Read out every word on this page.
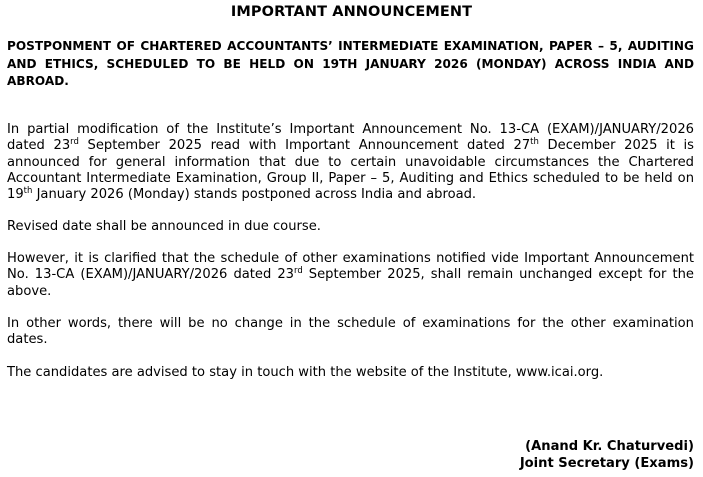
IMPORTANT ANNOUNCEMENT

POSTPONMENT OF CHARTERED ACCOUNTANTS’ INTERMEDIATE EXAMINATION, PAPER – 5, AUDITING AND ETHICS, SCHEDULED TO BE HELD ON 19TH JANUARY 2026 (MONDAY) ACROSS INDIA AND ABROAD.

In partial modification of the Institute’s Important Announcement No. 13-CA (EXAM)/JANUARY/2026 dated 23rd September 2025 read with Important Announcement dated 27th December 2025 it is announced for general information that due to certain unavoidable circumstances the Chartered Accountant Intermediate Examination, Group II, Paper – 5, Auditing and Ethics scheduled to be held on 19th January 2026 (Monday) stands postponed across India and abroad.

Revised date shall be announced in due course.

However, it is clarified that the schedule of other examinations notified vide Important Announcement No. 13-CA (EXAM)/JANUARY/2026 dated 23rd September 2025, shall remain unchanged except for the above.

In other words, there will be no change in the schedule of examinations for the other examination dates.

The candidates are advised to stay in touch with the website of the Institute, www.icai.org.

(Anand Kr. Chaturvedi)
Joint Secretary (Exams)
